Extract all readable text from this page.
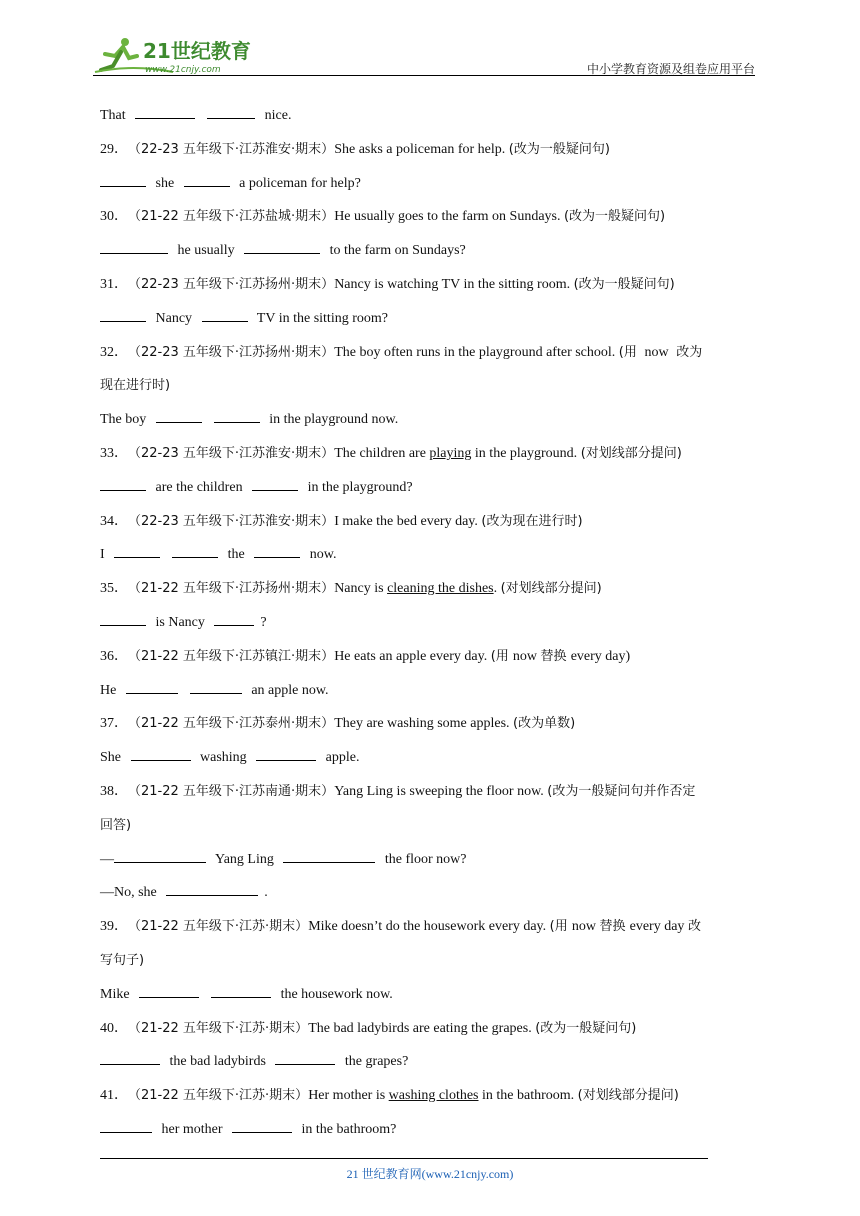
21世纪教育
www.21cnjy.com	中小学教育资源及组卷应用平台
That	nice.
29．（22-23 五年级下·江苏淮安·期末）She asks a policeman for help. (改为一般疑问句)
she	a policeman for help?
30．（21-22 五年级下·江苏盐城·期末）He usually goes to the farm on Sundays. (改为一般疑问句)
he usually	to the farm on Sundays?
31．（22-23 五年级下·江苏扬州·期末）Nancy is watching TV in the sitting room. (改为一般疑问句)
Nancy	TV in the sitting room?
32．（22-23 五年级下·江苏扬州·期末）The boy often runs in the playground after school. (用  now  改为
现在进行时)
The boy	in the playground now.
33．（22-23 五年级下·江苏淮安·期末）The children are playing in the playground. (对划线部分提问)
are the children	in the playground?
34．（22-23 五年级下·江苏淮安·期末）I make the bed every day. (改为现在进行时)
I	the	now.
35．（21-22 五年级下·江苏扬州·期末）Nancy is cleaning the dishes. (对划线部分提问)
is Nancy	?
36．（21-22 五年级下·江苏镇江·期末）He eats an apple every day. (用 now 替换 every day)
He	an apple now.
37．（21-22 五年级下·江苏泰州·期末）They are washing some apples. (改为单数)
She	washing	apple.
38．（21-22 五年级下·江苏南通·期末）Yang Ling is sweeping the floor now. (改为一般疑问句并作否定
回答)
—	Yang Ling	the floor now?
—No, she	.
39．（21-22 五年级下·江苏·期末）Mike doesn’t do the housework every day. (用 now 替换 every day 改
写句子)
Mike	the housework now.
40．（21-22 五年级下·江苏·期末）The bad ladybirds are eating the grapes. (改为一般疑问句)
the bad ladybirds	the grapes?
41．（21-22 五年级下·江苏·期末）Her mother is washing clothes in the bathroom. (对划线部分提问)
her mother	in the bathroom?
21 世纪教育网(www.21cnjy.com)
